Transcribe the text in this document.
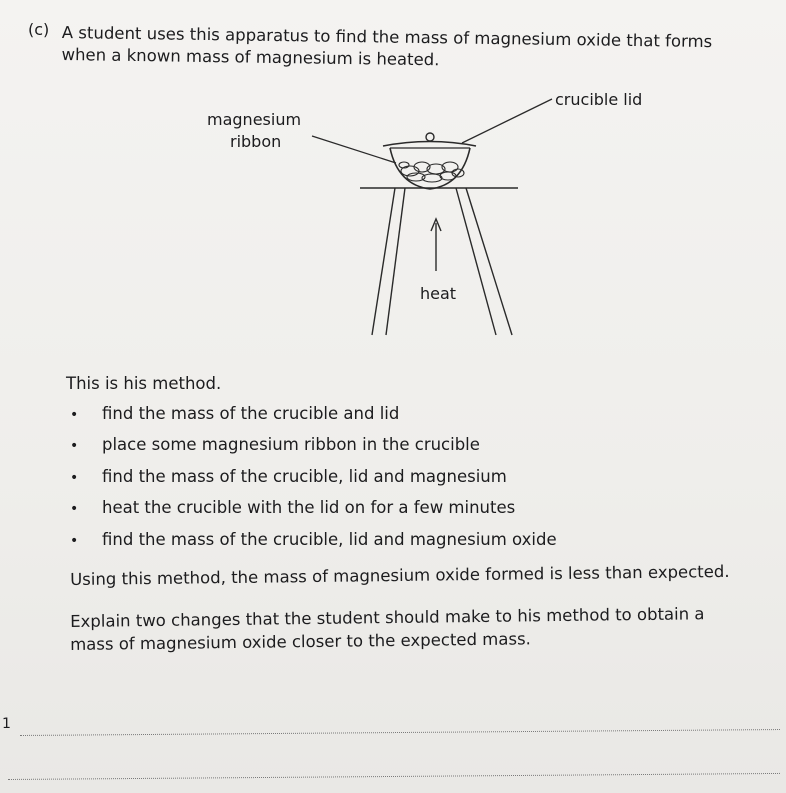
(c) A student uses this apparatus to find the mass of magnesium oxide that forms
when a known mass of magnesium is heated.
magnesium
ribbon
crucible lid
heat
This is his method.
• find the mass of the crucible and lid
• place some magnesium ribbon in the crucible
• find the mass of the crucible, lid and magnesium
• heat the crucible with the lid on for a few minutes
• find the mass of the crucible, lid and magnesium oxide
Using this method, the mass of magnesium oxide formed is less than expected.
Explain two changes that the student should make to his method to obtain a
mass of magnesium oxide closer to the expected mass.
1
